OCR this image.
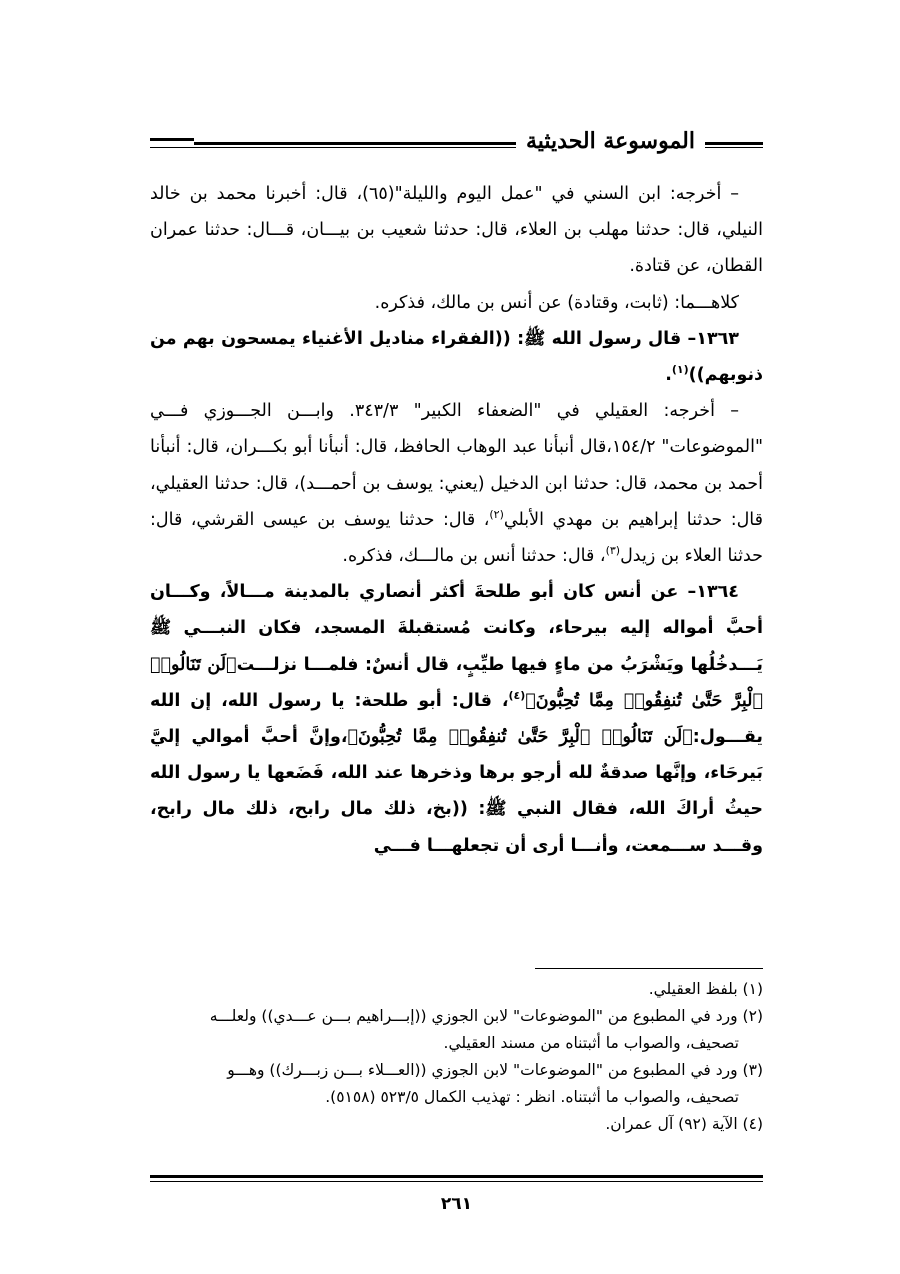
الموسوعة الحديثية

– أخرجه: ابن السني في "عمل اليوم والليلة"(٦٥)، قال: أخبرنا محمد بن خالد النيلي، قال: حدثنا مهلب بن العلاء، قال: حدثنا شعيب بن بيـــان، قـــال: حدثنا عمران القطان، عن قتادة.

كلاهـــما: (ثابت، وقتادة) عن أنس بن مالك، فذكره.

١٣٦٣– قال رسول الله ﷺ: ((الفقراء مناديل الأغنياء يمسحون بهم من ذنوبهم))$^{(١)}$.

– أخرجه: العقيلي في "الضعفاء الكبير" ٣٤٣/٣. وابـــن الجـــوزي فـــي "الموضوعات" ١٥٤/٢،قال أنبأنا عبد الوهاب الحافظ، قال: أنبأنا أبو بكـــران، قال: أنبأنا أحمد بن محمد، قال: حدثنا ابن الدخيل (يعني: يوسف بن أحمـــد)، قال: حدثنا العقيلي، قال: حدثنا إبراهيم بن مهدي الأبلي$^{(٢)}$، قال: حدثنا يوسف بن عيسى القرشي، قال: حدثنا العلاء بن زيدل$^{(٣)}$، قال: حدثنا أنس بن مالـــك، فذكره.

١٣٦٤– عن أنس كان أبو طلحةَ أكثر أنصاري بالمدينة مـــالاً، وكـــان أحبَّ أمواله إليه بيرحاء، وكانت مُستقبلةَ المسجد، فكان النبـــي ﷺ يَـــدخُلُها ويَشْرَبُ من ماءٍ فيها طيِّبٍ، قال أنسٌ: فلمـــا نزلـــت﴿لَن تَنَالُوا۟ ٱلْبِرَّ حَتَّىٰ تُنفِقُوا۟ مِمَّا تُحِبُّونَ﴾$^{(٤)}$، قال: أبو طلحة: يا رسول الله، إن الله يقـــول:﴿لَن تَنَالُوا۟ ٱلْبِرَّ حَتَّىٰ تُنفِقُوا۟ مِمَّا تُحِبُّونَ﴾،وإنَّ أحبَّ أموالي إليَّ بَيرحَاء، وإنَّها صدقةٌ لله أرجو برها وذخرها عند الله، فَضَعها يا رسول الله حيثُ أراكَ الله، فقال النبي ﷺ: ((بخ، ذلك مال رابح، ذلك مال رابح، وقـــد ســـمعت، وأنـــا أرى أن تجعلهـــا فـــي

(١) بلفظ العقيلي.

(٢) ورد في المطبوع من "الموضوعات" لابن الجوزي ((إبـــراهيم بـــن عـــدي)) ولعلـــه

تصحيف، والصواب ما أثبتناه من مسند العقيلي.

(٣) ورد في المطبوع من "الموضوعات" لابن الجوزي ((العـــلاء بـــن زبـــرك)) وهـــو

تصحيف، والصواب ما أثبتناه. انظر : تهذيب الكمال ٥٢٣/٥ (٥١٥٨).

(٤) الآية (٩٢) آل عمران.

٢٦١
